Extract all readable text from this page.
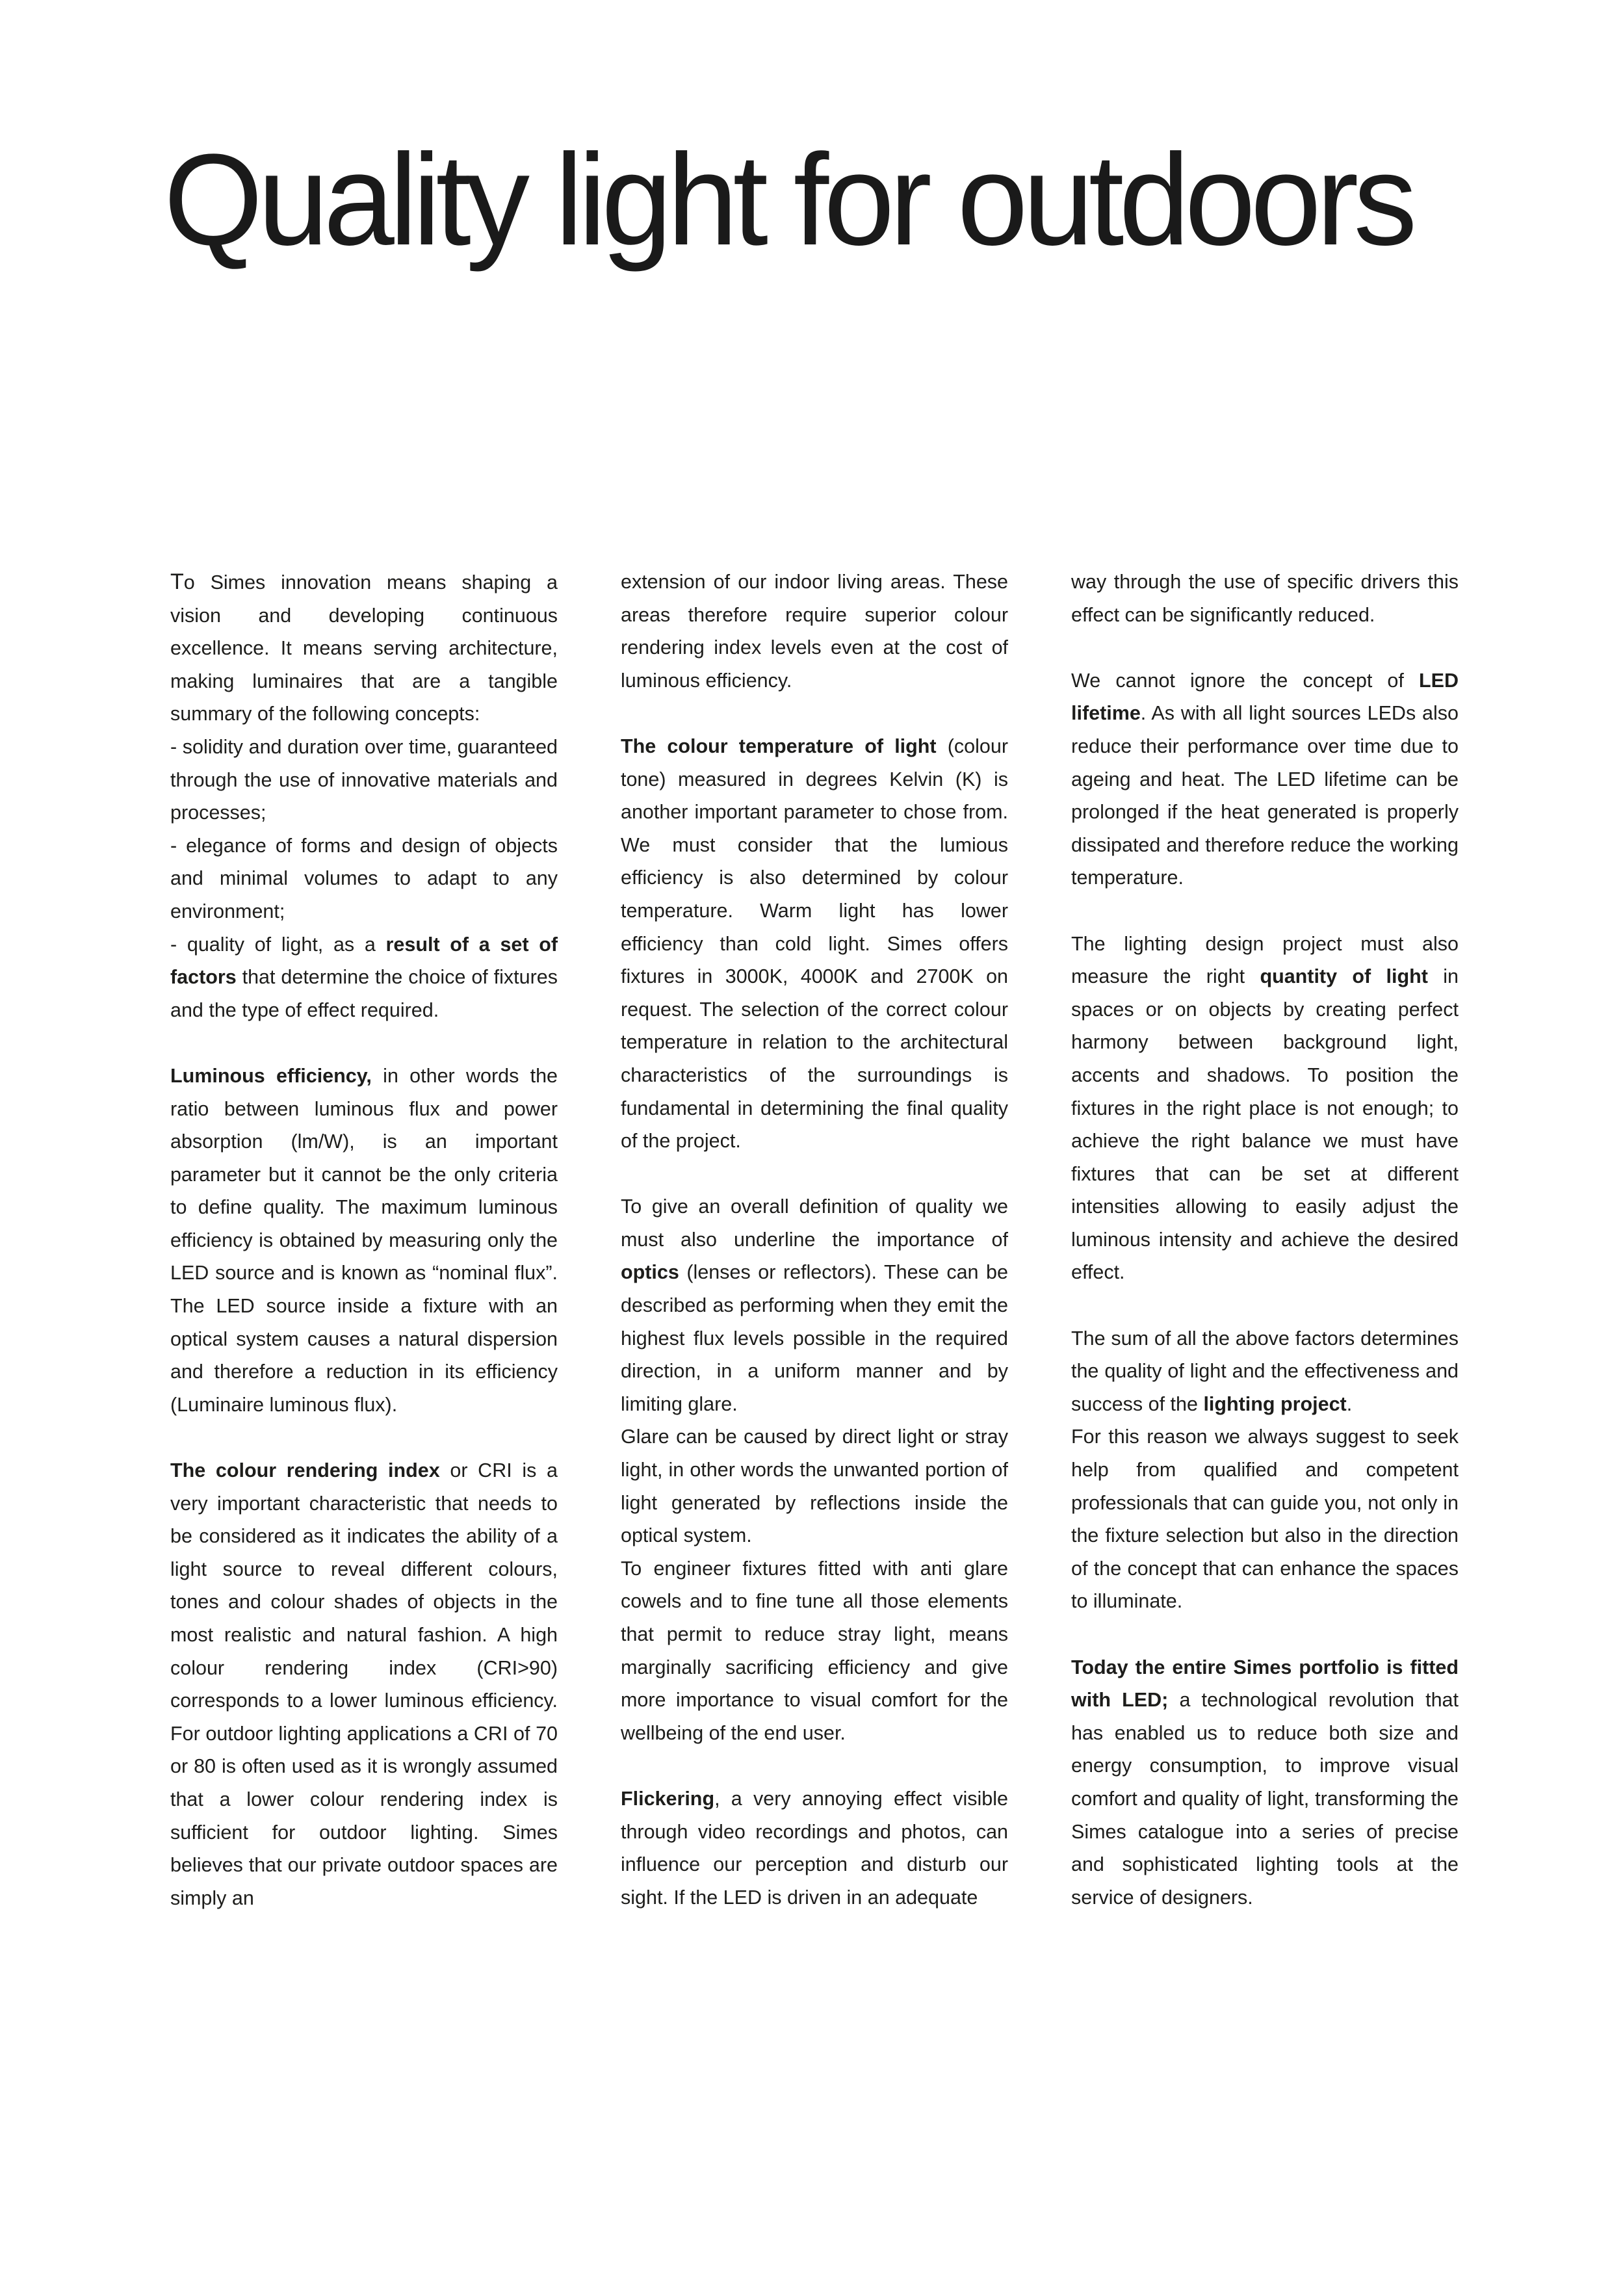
Quality light for outdoors

To Simes innovation means shaping a vision and developing continuous excellence. It means serving architecture, making luminaires that are a tangible summary of the following concepts:

- solidity and duration over time, guaranteed through the use of innovative materials and processes;

- elegance of forms and design of objects and minimal volumes to adapt to any environment;

- quality of light, as a result of a set of factors that determine the choice of fixtures and the type of effect required.

Luminous efficiency, in other words the ratio between luminous flux and power absorption (lm/W), is an important parameter but it cannot be the only criteria to define quality. The maximum luminous efficiency is obtained by measuring only the LED source and is known as “nominal flux”. The LED source inside a fixture with an optical system causes a natural dispersion and therefore a reduction in its efficiency (Luminaire luminous flux).

The colour rendering index or CRI is a very important characteristic that needs to be considered as it indicates the ability of a light source to reveal different colours, tones and colour shades of objects in the most realistic and natural fashion. A high colour rendering index (CRI>90) corresponds to a lower luminous efficiency. For outdoor lighting applications a CRI of 70 or 80 is often used as it is wrongly assumed that a lower colour rendering index is sufficient for outdoor lighting. Simes believes that our private outdoor spaces are simply an

extension of our indoor living areas. These areas therefore require superior colour rendering index levels even at the cost of luminous efficiency.

The colour temperature of light (colour tone) measured in degrees Kelvin (K) is another important parameter to chose from. We must consider that the lumious efficiency is also determined by colour temperature. Warm light has lower efficiency than cold light. Simes offers fixtures in 3000K, 4000K and 2700K on request. The selection of the correct colour temperature in relation to the architectural characteristics of the surroundings is fundamental in determining the final quality of the project.

To give an overall definition of quality we must also underline the importance of optics (lenses or reflectors). These can be described as performing when they emit the highest flux levels possible in the required direction, in a uniform manner and by limiting glare.

Glare can be caused by direct light or stray light, in other words the unwanted portion of light generated by reflections inside the optical system.

To engineer fixtures fitted with anti glare cowels and to fine tune all those elements that permit to reduce stray light, means marginally sacrificing efficiency and give more importance to visual comfort for the wellbeing of the end user.

Flickering, a very annoying effect visible through video recordings and photos, can influence our perception and disturb our sight. If the LED is driven in an adequate

way through the use of specific drivers this effect can be significantly reduced.

We cannot ignore the concept of LED lifetime. As with all light sources LEDs also reduce their performance over time due to ageing and heat. The LED lifetime can be prolonged if the heat generated is properly dissipated and therefore reduce the working temperature.

The lighting design project must also measure the right quantity of light in spaces or on objects by creating perfect harmony between background light, accents and shadows. To position the fixtures in the right place is not enough; to achieve the right balance we must have fixtures that can be set at different intensities allowing to easily adjust the luminous intensity and achieve the desired effect.

The sum of all the above factors determines the quality of light and the effectiveness and success of the lighting project.

For this reason we always suggest to seek help from qualified and competent professionals that can guide you, not only in the fixture selection but also in the direction of the concept that can enhance the spaces to illuminate.

Today the entire Simes portfolio is fitted with LED; a technological revolution that has enabled us to reduce both size and energy consumption, to improve visual comfort and quality of light, transforming the Simes catalogue into a series of precise and sophisticated lighting tools at the service of designers.
